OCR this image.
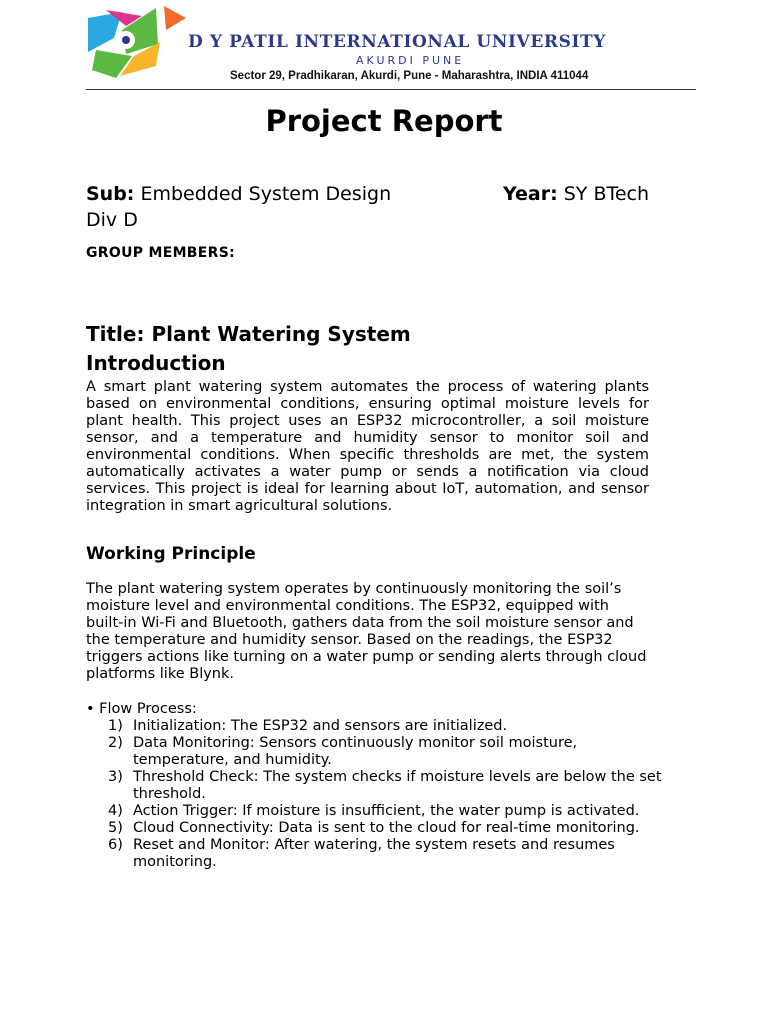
D Y PATIL INTERNATIONAL UNIVERSITY
AKURDI PUNE
Sector 29, Pradhikaran, Akurdi, Pune - Maharashtra, INDIA 411044
Project Report
Sub: Embedded System Design	Year: SY BTech
Div D
GROUP MEMBERS:
Title: Plant Watering System
Introduction
A smart plant watering system automates the process of watering plants based on environmental conditions, ensuring optimal moisture levels for plant health. This project uses an ESP32 microcontroller, a soil moisture sensor, and a temperature and humidity sensor to monitor soil and environmental conditions. When specific thresholds are met, the system automatically activates a water pump or sends a notification via cloud services. This project is ideal for learning about IoT, automation, and sensor integration in smart agricultural solutions.
Working Principle
The plant watering system operates by continuously monitoring the soil’s moisture level and environmental conditions. The ESP32, equipped with built-in Wi-Fi and Bluetooth, gathers data from the soil moisture sensor and the temperature and humidity sensor. Based on the readings, the ESP32 triggers actions like turning on a water pump or sending alerts through cloud platforms like Blynk.
• Flow Process:
1) Initialization: The ESP32 and sensors are initialized.
2) Data Monitoring: Sensors continuously monitor soil moisture, temperature, and humidity.
3) Threshold Check: The system checks if moisture levels are below the set threshold.
4) Action Trigger: If moisture is insufficient, the water pump is activated.
5) Cloud Connectivity: Data is sent to the cloud for real-time monitoring.
6) Reset and Monitor: After watering, the system resets and resumes monitoring.
